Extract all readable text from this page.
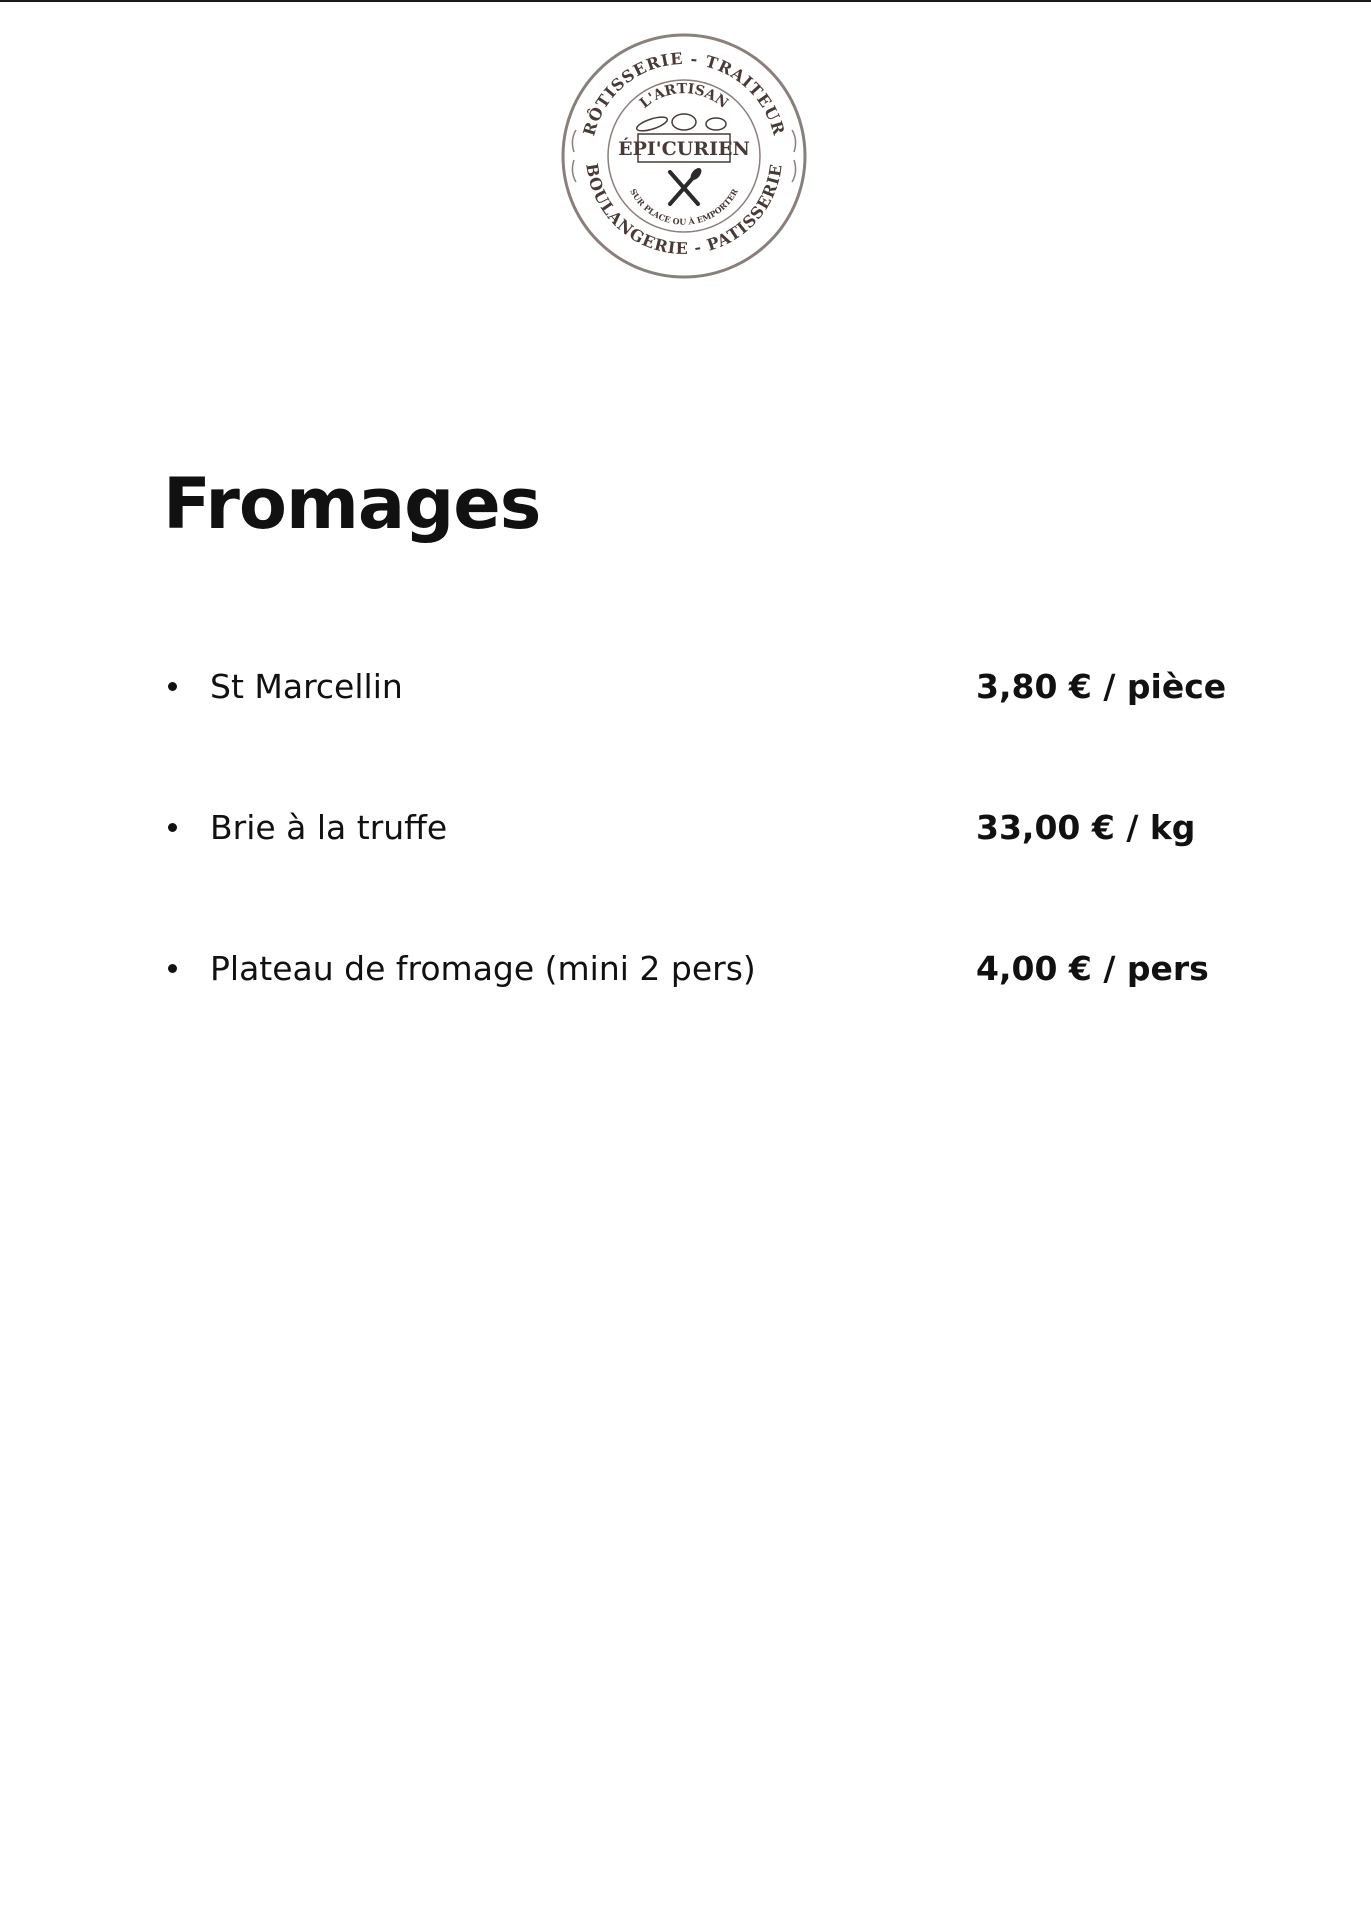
RÔTISSERIE - TRAITEUR
BOULANGERIE - PATISSERIE
L'ARTISAN
ÉPI'CURIEN
SUR PLACE OU À EMPORTER
Fromages
St Marcellin	3,80 € / pièce
Brie à la truffe	33,00 € / kg
Plateau de fromage (mini 2 pers)	4,00 € / pers
